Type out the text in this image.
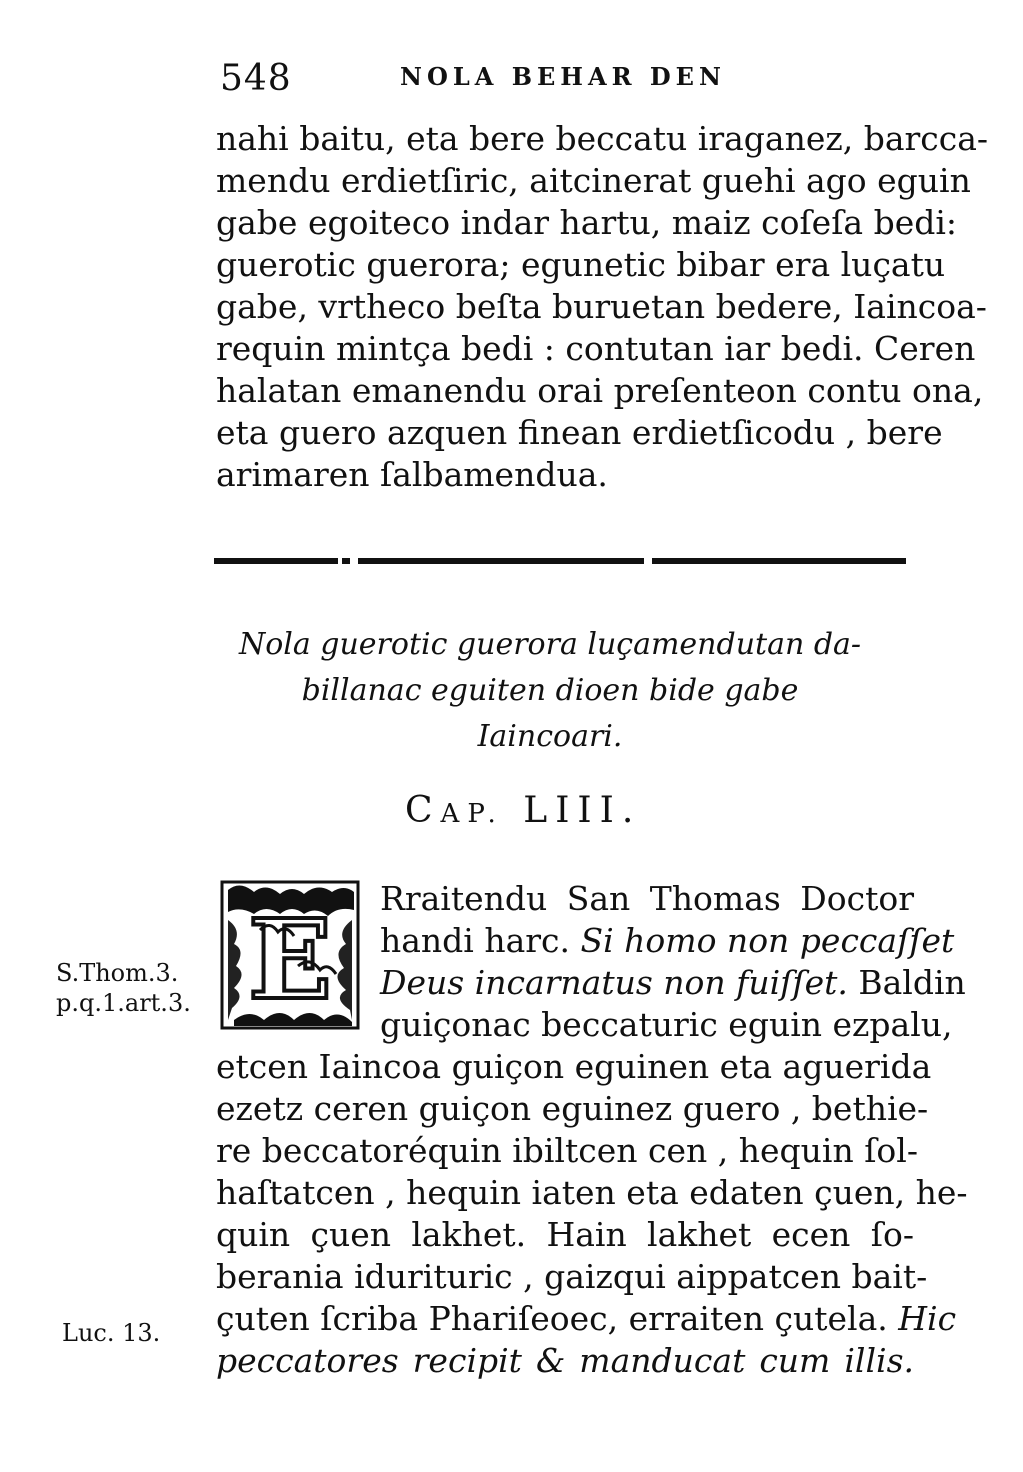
548	NOLA BEHAR DEN
nahi baitu, eta bere beccatu iraganez, barcca-
mendu erdietſiric, aitcinerat guehi ago eguin
gabe egoiteco indar hartu, maiz coſeſa bedi:
guerotic guerora; egunetic bibar era luçatu
gabe, vrtheco beſta buruetan bedere, Iaincoa-
requin mintça bedi : contutan iar bedi. Ceren
halatan emanendu orai preſenteon contu ona,
eta guero azquen finean erdietſicodu , bere
arimaren ſalbamendua.
Nola guerotic guerora luçamendutan da-
billanac eguiten dioen bide gabe
Iaincoari.
CAP. LIII.
E Rraitendu San Thomas Doctor
handi harc. Si homo non peccaſſet
Deus incarnatus non fuiſſet. Baldin
guiçonac beccaturic eguin ezpalu,
etcen Iaincoa guiçon eguinen eta aguerida
ezetz ceren guiçon eguinez guero , bethie-
re beccatoréquin ibiltcen cen , hequin ſol-
haſtatcen , hequin iaten eta edaten çuen, he-
quin çuen lakhet. Hain lakhet ecen ſo-
berania idurituric , gaizqui aippatcen bait-
çuten ſcriba Phariſeoec, erraiten çutela. Hic
peccatores recipit & manducat cum illis.
S.Thom.3.
p.q.1.art.3.
Luc. 13.
